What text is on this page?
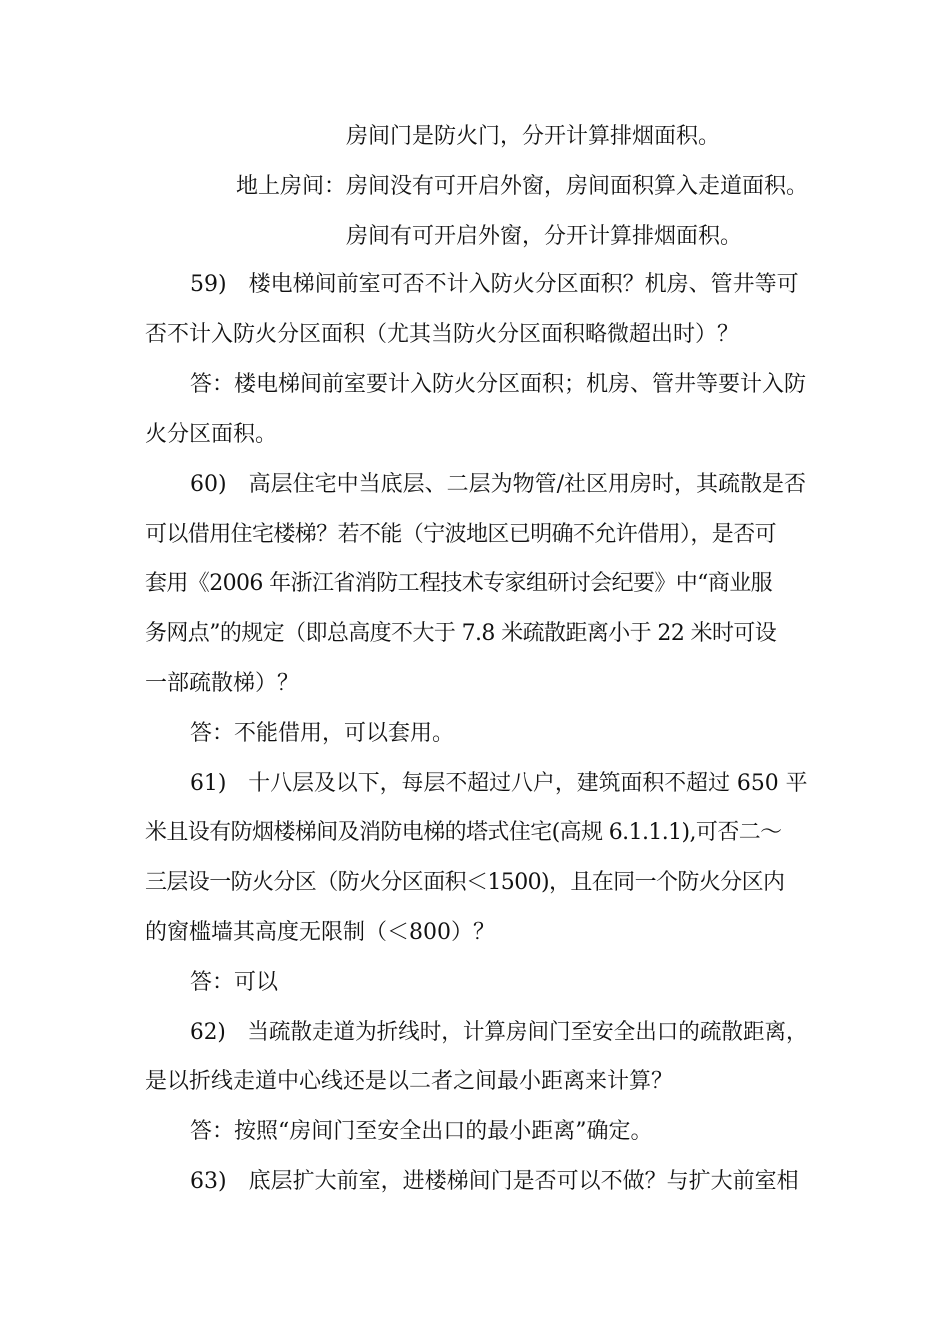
房间门是防火门，分开计算排烟面积。
地上房间：房间没有可开启外窗，房间面积算入走道面积。
房间有可开启外窗，分开计算排烟面积。
59)　楼电梯间前室可否不计入防火分区面积？机房、管井等可
否不计入防火分区面积（尤其当防火分区面积略微超出时）？
答：楼电梯间前室要计入防火分区面积；机房、管井等要计入防
火分区面积。
60)　高层住宅中当底层、二层为物管/社区用房时，其疏散是否
可以借用住宅楼梯？若不能（宁波地区已明确不允许借用），是否可
套用《2006 年浙江省消防工程技术专家组研讨会纪要》中“商业服
务网点”的规定（即总高度不大于 7.8 米疏散距离小于 22 米时可设
一部疏散梯）？
答：不能借用，可以套用。
61)　十八层及以下，每层不超过八户，建筑面积不超过 650 平
米且设有防烟楼梯间及消防电梯的塔式住宅(高规 6.1.1.1),可否二～
三层设一防火分区（防火分区面积＜1500)，且在同一个防火分区内
的窗槛墙其高度无限制（＜800）？
答：可以
62)　当疏散走道为折线时，计算房间门至安全出口的疏散距离，
是以折线走道中心线还是以二者之间最小距离来计算？
答：按照“房间门至安全出口的最小距离”确定。
63)　底层扩大前室，进楼梯间门是否可以不做？与扩大前室相
